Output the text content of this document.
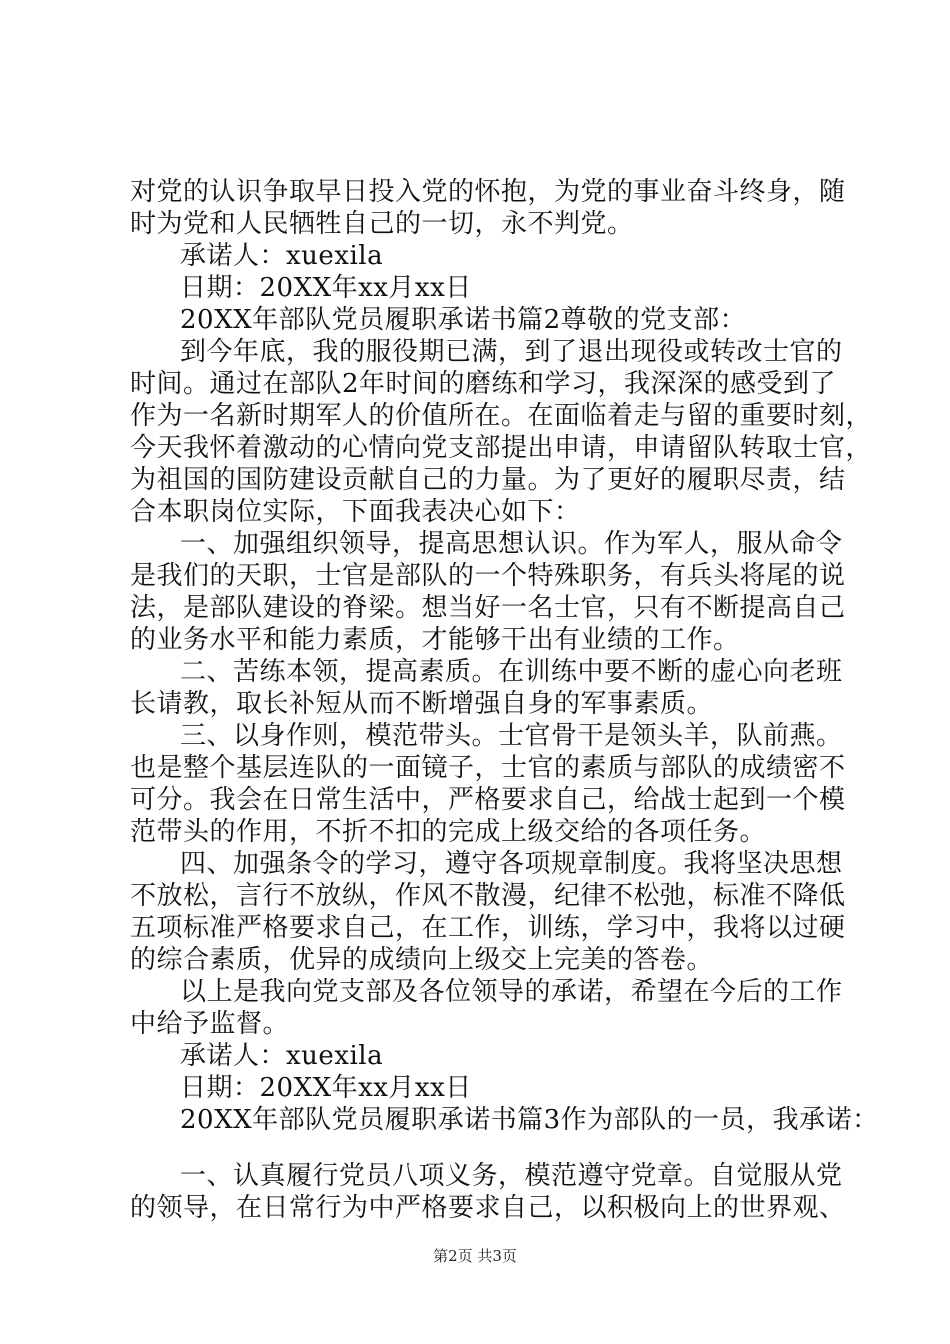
对党的认识争取早日投入党的怀抱，为党的事业奋斗终身，随
时为党和人民牺牲自己的一切，永不判党。
承诺人：xuexila
日期：20XX年xx月xx日
20XX年部队党员履职承诺书篇2尊敬的党支部：
到今年底，我的服役期已满，到了退出现役或转改士官的
时间。通过在部队2年时间的磨练和学习，我深深的感受到了
作为一名新时期军人的价值所在。在面临着走与留的重要时刻，
今天我怀着激动的心情向党支部提出申请，申请留队转取士官，
为祖国的国防建设贡献自己的力量。为了更好的履职尽责，结
合本职岗位实际，下面我表决心如下：
一、加强组织领导，提高思想认识。作为军人，服从命令
是我们的天职，士官是部队的一个特殊职务，有兵头将尾的说
法，是部队建设的脊梁。想当好一名士官，只有不断提高自己
的业务水平和能力素质，才能够干出有业绩的工作。
二、苦练本领，提高素质。在训练中要不断的虚心向老班
长请教，取长补短从而不断增强自身的军事素质。
三、以身作则，模范带头。士官骨干是领头羊，队前燕。
也是整个基层连队的一面镜子，士官的素质与部队的成绩密不
可分。我会在日常生活中，严格要求自己，给战士起到一个模
范带头的作用，不折不扣的完成上级交给的各项任务。
四、加强条令的学习，遵守各项规章制度。我将坚决思想
不放松，言行不放纵，作风不散漫，纪律不松弛，标准不降低
五项标准严格要求自己，在工作，训练，学习中，我将以过硬
的综合素质，优异的成绩向上级交上完美的答卷。
以上是我向党支部及各位领导的承诺，希望在今后的工作
中给予监督。
承诺人：xuexila
日期：20XX年xx月xx日
20XX年部队党员履职承诺书篇3作为部队的一员，我承诺：
一、认真履行党员八项义务，模范遵守党章。自觉服从党
的领导，在日常行为中严格要求自己，以积极向上的世界观、
第2页 共3页
